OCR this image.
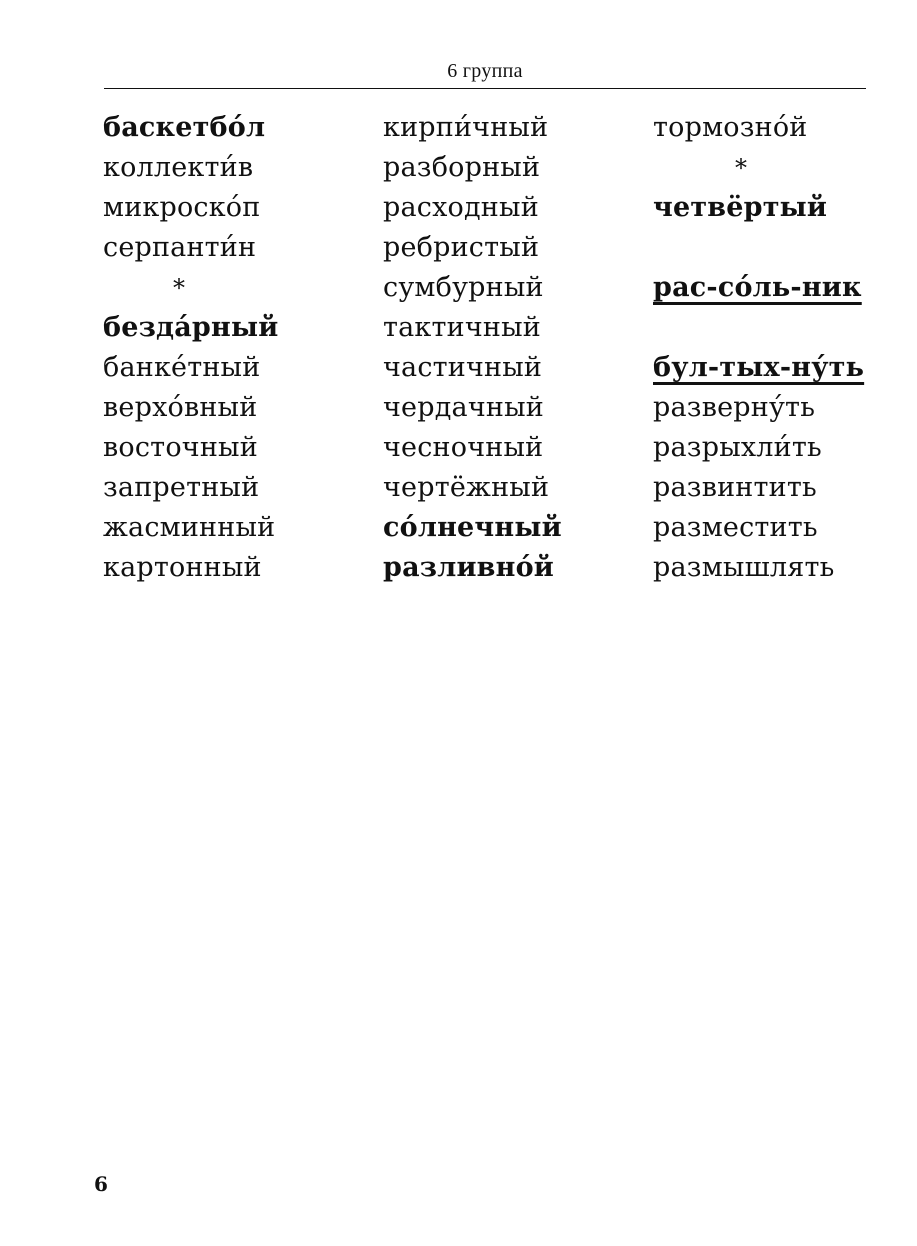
6 группа
баскетбо́л
коллекти́в
микроско́п
серпанти́н
*
безда́рный
банке́тный
верхо́вный
восточный
запретный
жасминный
картонный
кирпи́чный
разборный
расходный
ребристый
сумбурный
тактичный
частичный
чердачный
чесночный
чертёжный
со́лнечный
разливно́й
тормозно́й
*
четвёртый
рас-со́ль-ник
бул-тых-ну́ть
разверну́ть
разрыхли́ть
развинтить
разместить
размышлять
6
